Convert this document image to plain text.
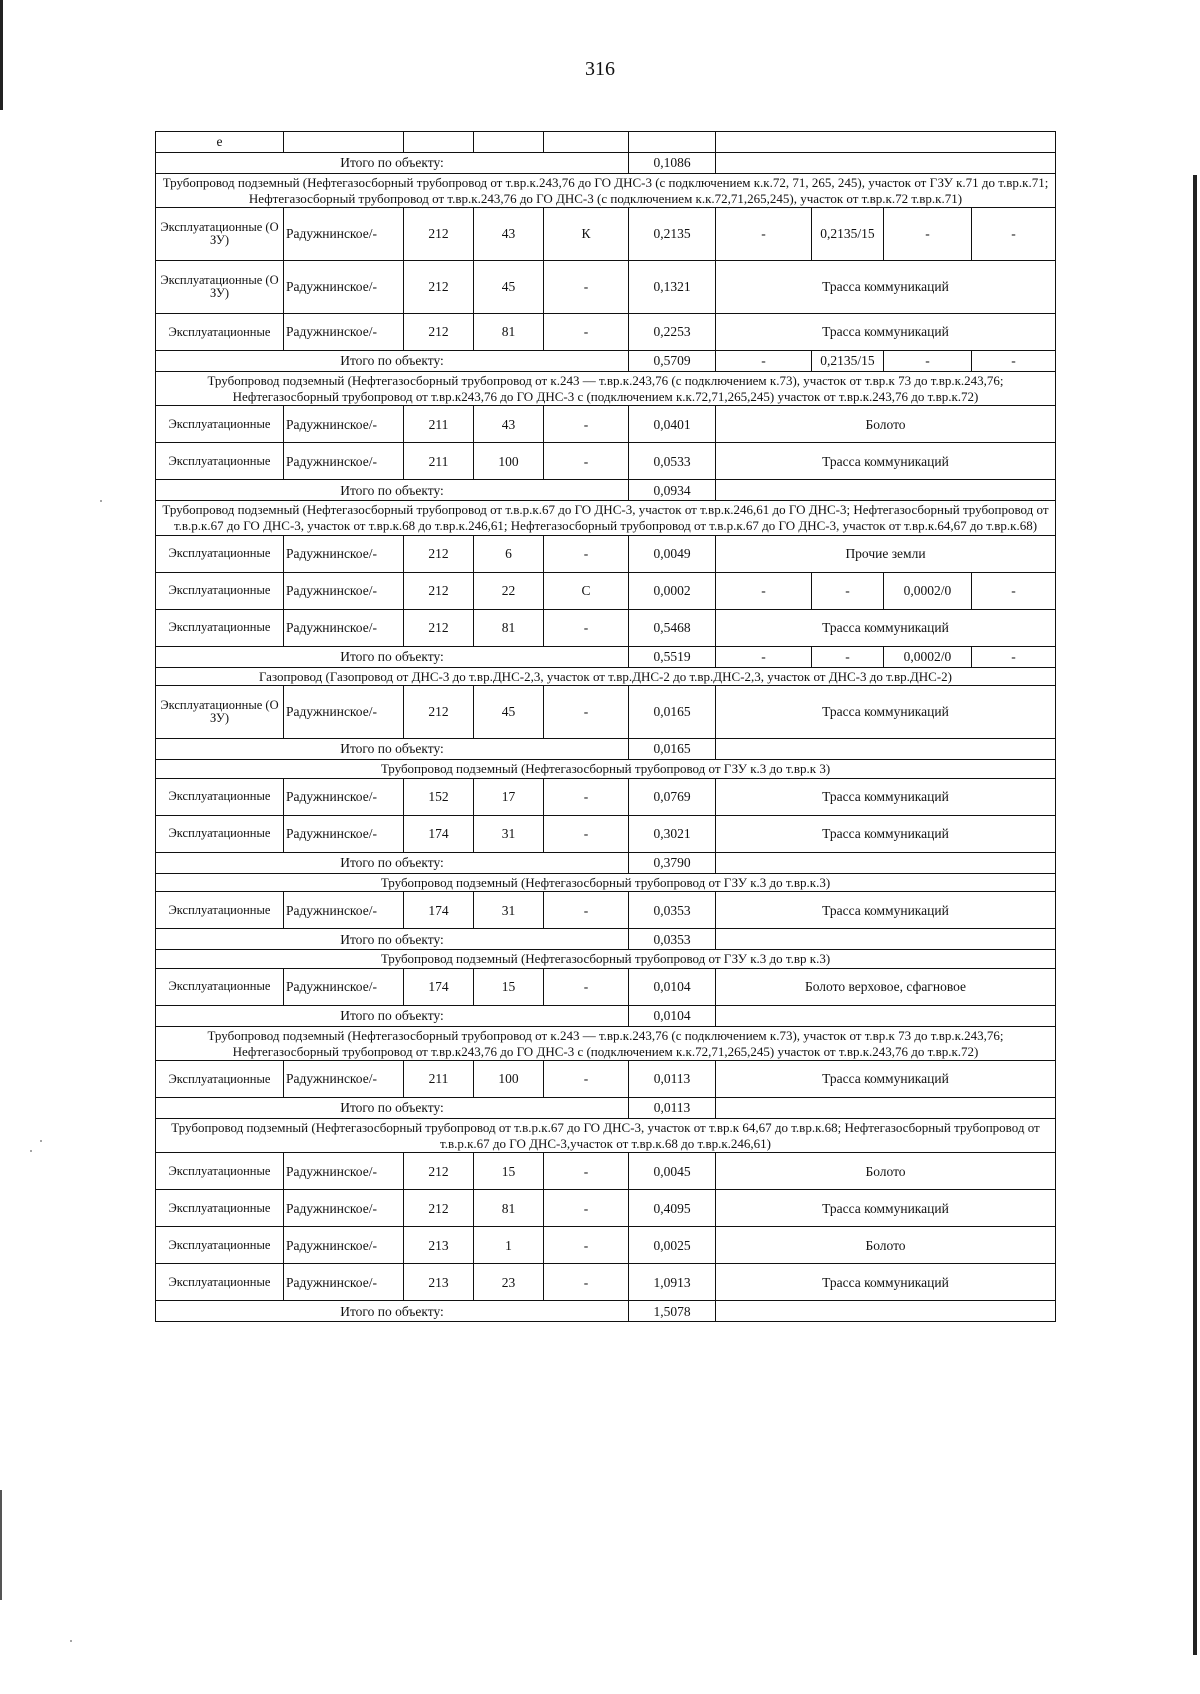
316
е									
Итого по объекту:					0,1086				
Трубопровод подземный (Нефтегазосборный трубопровод от т.вр.к.243,76 до ГО ДНС-3 (с подключением к.к.72, 71, 265, 245), участок от ГЗУ к.71 до т.вр.к.71; Нефтегазосборный трубопровод от т.вр.к.243,76 до ГО ДНС-3 (с подключением к.к.72,71,265,245), участок от т.вр.к.72 т.вр.к.71)									
Эксплуатационны​е (ОЗУ)	Радужнинское/-	212	43	К	0,2135	-	0,2135/15	-	-
Эксплуатационны​е (ОЗУ)	Радужнинское/-	212	45	-	0,1321	Трасса коммуникаций			
Эксплуатационны​е	Радужнинское/-	212	81	-	0,2253	Трасса коммуникаций			
Итого по объекту:					0,5709	-	0,2135/15	-	-
Трубопровод подземный (Нефтегазосборный трубопровод от к.243 — т.вр.к.243,76 (с подключением к.73), участок от т.вр.к 73 до т.вр.к.243,76; Нефтегазосборный трубопровод от т.вр.к243,76 до ГО ДНС-3 с (подключением к.к.72,71,265,245) участок от т.вр.к.243,76 до т.вр.к.72)									
Эксплуатационны​е	Радужнинское/-	211	43	-	0,0401	Болото			
Эксплуатационны​е	Радужнинское/-	211	100	-	0,0533	Трасса коммуникаций			
Итого по объекту:					0,0934				
Трубопровод подземный (Нефтегазосборный трубопровод от т.в.р.к.67 до ГО ДНС-3, участок от т.вр.к.246,61 до ГО ДНС-3; Нефтегазосборный трубопровод от т.в.р.к.67 до ГО ДНС-3, участок от т.вр.к.68 до т.вр.к.246,61; Нефтегазосборный трубопровод от т.в.р.к.67 до ГО ДНС-3, участок от т.вр.к.64,67 до т.вр.к.68)									
Эксплуатационны​е	Радужнинское/-	212	6	-	0,0049	Прочие земли			
Эксплуатационны​е	Радужнинское/-	212	22	С	0,0002	-	-	0,0002/0	-
Эксплуатационны​е	Радужнинское/-	212	81	-	0,5468	Трасса коммуникаций			
Итого по объекту:					0,5519	-	-	0,0002/0	-
Газопровод (Газопровод от ДНС-3 до т.вр.ДНС-2,3, участок от т.вр.ДНС-2 до т.вр.ДНС-2,3, участок от ДНС-3 до т.вр.ДНС-2)									
Эксплуатационны​е (ОЗУ)	Радужнинское/-	212	45	-	0,0165	Трасса коммуникаций			
Итого по объекту:					0,0165				
Трубопровод подземный (Нефтегазосборный трубопровод от ГЗУ к.3 до т.вр.к 3)									
Эксплуатационны​е	Радужнинское/-	152	17	-	0,0769	Трасса коммуникаций			
Эксплуатационны​е	Радужнинское/-	174	31	-	0,3021	Трасса коммуникаций			
Итого по объекту:					0,3790				
Трубопровод подземный (Нефтегазосборный трубопровод от ГЗУ к.3 до т.вр.к.3)									
Эксплуатационны​е	Радужнинское/-	174	31	-	0,0353	Трасса коммуникаций			
Итого по объекту:					0,0353				
Трубопровод подземный (Нефтегазосборный трубопровод от ГЗУ к.3 до т.вр к.3)									
Эксплуатационны​е	Радужнинское/-	174	15	-	0,0104	Болото верховое, сфагновое			
Итого по объекту:					0,0104				
Трубопровод подземный (Нефтегазосборный трубопровод от к.243 — т.вр.к.243,76 (с подключением к.73), участок от т.вр.к 73 до т.вр.к.243,76; Нефтегазосборный трубопровод от т.вр.к243,76 до ГО ДНС-3 с (подключением к.к.72,71,265,245) участок от т.вр.к.243,76 до т.вр.к.72)									
Эксплуатационны​е	Радужнинское/-	211	100	-	0,0113	Трасса коммуникаций			
Итого по объекту:					0,0113				
Трубопровод подземный (Нефтегазосборный трубопровод от т.в.р.к.67 до ГО ДНС-3, участок от т.вр.к 64,67 до т.вр.к.68; Нефтегазосборный трубопровод от т.в.р.к.67 до ГО ДНС-3,участок от т.вр.к.68 до т.вр.к.246,61)									
Эксплуатационны​е	Радужнинское/-	212	15	-	0,0045	Болото			
Эксплуатационны​е	Радужнинское/-	212	81	-	0,4095	Трасса коммуникаций			
Эксплуатационны​е	Радужнинское/-	213	1	-	0,0025	Болото			
Эксплуатационны​е	Радужнинское/-	213	23	-	1,0913	Трасса коммуникаций			
Итого по объекту:					1,5078				
